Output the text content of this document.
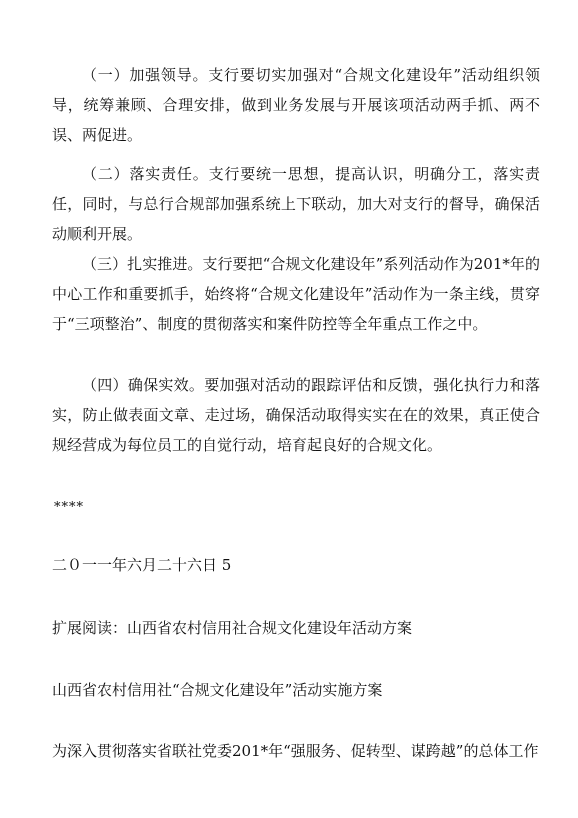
（一）加强领导。支行要切实加强对“合规文化建设年”活动组织领导，统筹兼顾、合理安排，做到业务发展与开展该项活动两手抓、两不误、两促进。

（二）落实责任。支行要统一思想，提高认识，明确分工，落实责任，同时，与总行合规部加强系统上下联动，加大对支行的督导，确保活动顺利开展。

（三）扎实推进。支行要把“合规文化建设年”系列活动作为201*年的中心工作和重要抓手，始终将“合规文化建设年”活动作为一条主线，贯穿于“三项整治”、制度的贯彻落实和案件防控等全年重点工作之中。

（四）确保实效。要加强对活动的跟踪评估和反馈，强化执行力和落实，防止做表面文章、走过场，确保活动取得实实在在的效果，真正使合规经营成为每位员工的自觉行动，培育起良好的合规文化。

****

二０一一年六月二十六日 5

扩展阅读：山西省农村信用社合规文化建设年活动方案

山西省农村信用社“合规文化建设年”活动实施方案

为深入贯彻落实省联社党委201*年“强服务、促转型、谋跨越”的总体工作
